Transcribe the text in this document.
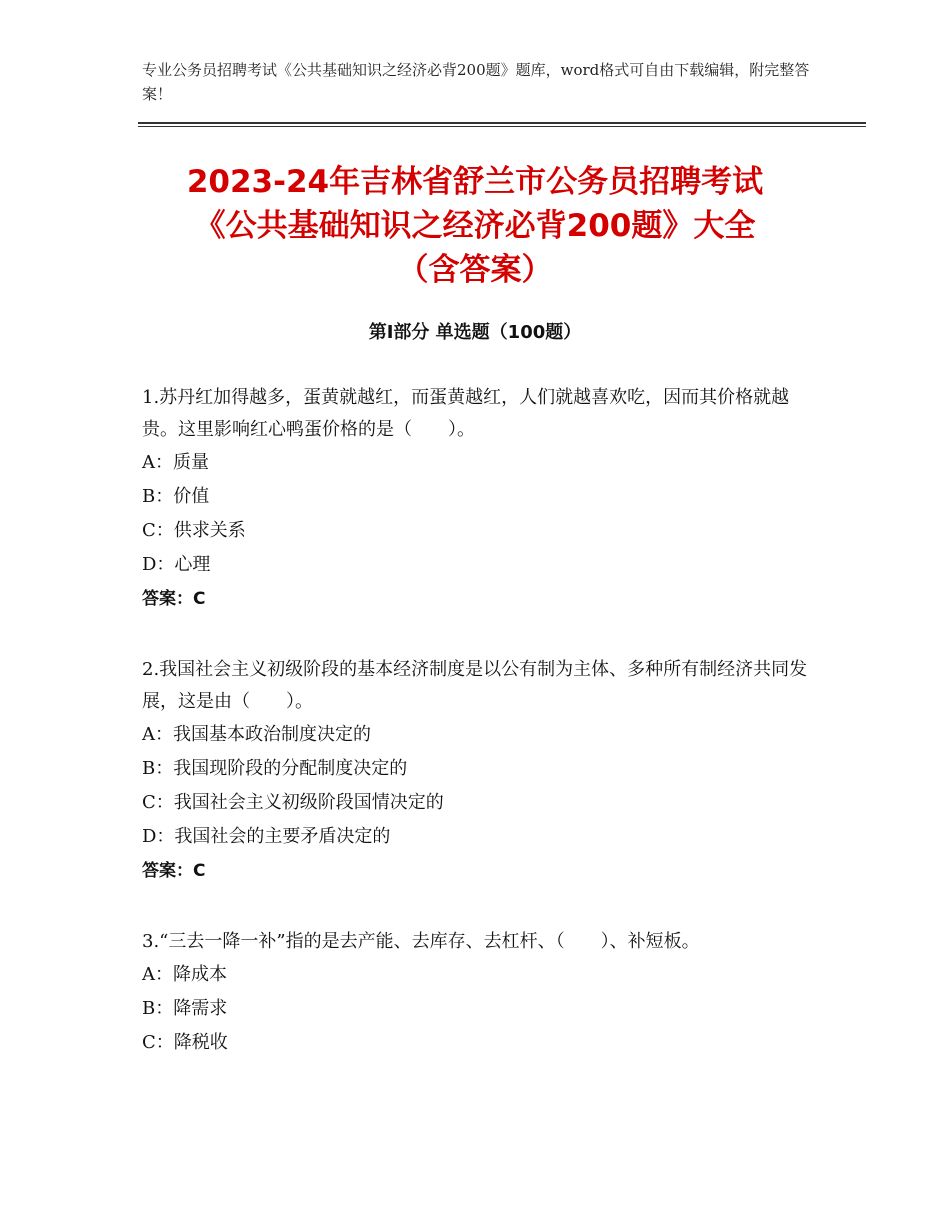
专业公务员招聘考试《公共基础知识之经济必背200题》题库，word格式可自由下载编辑，附完整答案！
2023-24年吉林省舒兰市公务员招聘考试
《公共基础知识之经济必背200题》大全
（含答案）
第Ⅰ部分 单选题（100题）
1.苏丹红加得越多，蛋黄就越红，而蛋黄越红，人们就越喜欢吃，因而其价格就越贵。这里影响红心鸭蛋价格的是（　　）。
A：质量
B：价值
C：供求关系
D：心理
答案：C
2.我国社会主义初级阶段的基本经济制度是以公有制为主体、多种所有制经济共同发展，这是由（　　）。
A：我国基本政治制度决定的
B：我国现阶段的分配制度决定的
C：我国社会主义初级阶段国情决定的
D：我国社会的主要矛盾决定的
答案：C
3.“三去一降一补”指的是去产能、去库存、去杠杆、（　　）、补短板。
A：降成本
B：降需求
C：降税收
